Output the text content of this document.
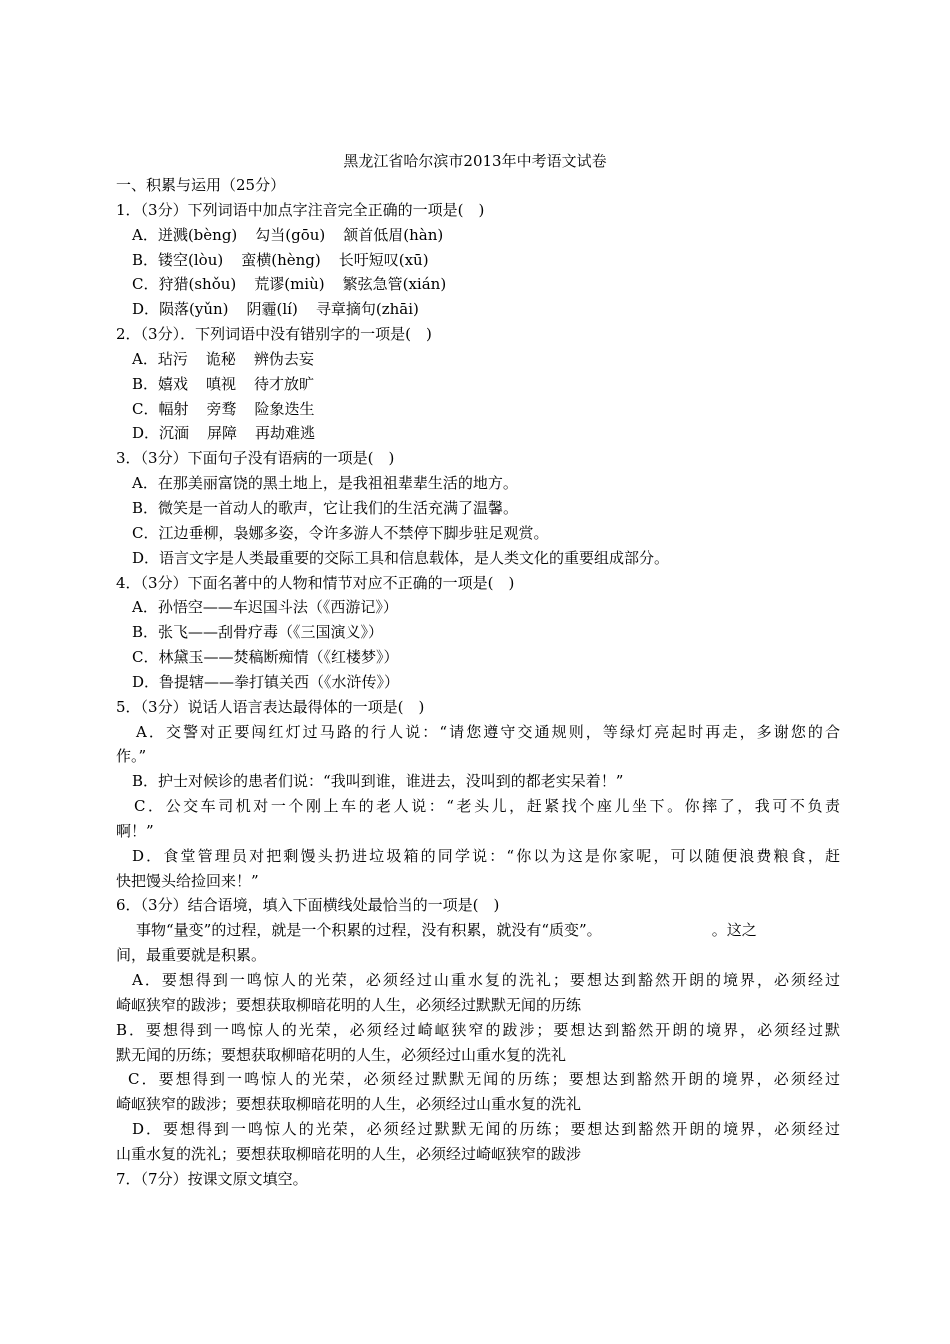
黑龙江省哈尔滨市2013年中考语文试卷
一、积累与运用（25分）
1．（3分）下列词语中加点字注音完全正确的一项是(　)
A．迸溅(bèng) 勾当(gōu) 颔首低眉(hàn)
B．镂空(lòu) 蛮横(hèng) 长吁短叹(xū)
C．狩猎(shǒu) 荒谬(miù) 繁弦急管(xián)
D．陨落(yǔn) 阴霾(lí) 寻章摘句(zhāi)
2．（3分）．下列词语中没有错别字的一项是(　)
A．玷污 诡秘 辨伪去妄
B．嬉戏 嗔视 待才放旷
C．幅射 旁骛 险象迭生
D．沉湎 屏障 再劫难逃
3．（3分）下面句子没有语病的一项是(　)
A．在那美丽富饶的黑土地上，是我祖祖辈辈生活的地方。
B．微笑是一首动人的歌声，它让我们的生活充满了温馨。
C．江边垂柳，袅娜多姿，令许多游人不禁停下脚步驻足观赏。
D．语言文字是人类最重要的交际工具和信息载体，是人类文化的重要组成部分。
4．（3分）下面名著中的人物和情节对应不正确的一项是(　)
A．孙悟空——车迟国斗法（《西游记》）
B．张飞——刮骨疗毒（《三国演义》）
C．林黛玉——焚稿断痴情（《红楼梦》）
D．鲁提辖——拳打镇关西（《水浒传》）
5．（3分）说话人语言表达最得体的一项是(　)
A．交警对正要闯红灯过马路的行人说：“请您遵守交通规则，等绿灯亮起时再走，多谢您的合
作。”
B．护士对候诊的患者们说：“我叫到谁，谁进去，没叫到的都老实呆着！”
C．公交车司机对一个刚上车的老人说：“老头儿，赶紧找个座儿坐下。你摔了，我可不负责
啊！”
D．食堂管理员对把剩馒头扔进垃圾箱的同学说：“你以为这是你家呢，可以随便浪费粮食，赶
快把馒头给捡回来！”
6．（3分）结合语境，填入下面横线处最恰当的一项是(　)
事物“量变”的过程，就是一个积累的过程，没有积累，就没有“质变”。	。这之
间，最重要就是积累。
A．要想得到一鸣惊人的光荣，必须经过山重水复的洗礼；要想达到豁然开朗的境界，必须经过
崎岖狭窄的跋涉；要想获取柳暗花明的人生，必须经过默默无闻的历练
B．要想得到一鸣惊人的光荣，必须经过崎岖狭窄的跋涉；要想达到豁然开朗的境界，必须经过默
默无闻的历练；要想获取柳暗花明的人生，必须经过山重水复的洗礼
C．要想得到一鸣惊人的光荣，必须经过默默无闻的历练；要想达到豁然开朗的境界，必须经过
崎岖狭窄的跋涉；要想获取柳暗花明的人生，必须经过山重水复的洗礼
D．要想得到一鸣惊人的光荣，必须经过默默无闻的历练；要想达到豁然开朗的境界，必须经过
山重水复的洗礼；要想获取柳暗花明的人生，必须经过崎岖狭窄的跋涉
7．（7分）按课文原文填空。
